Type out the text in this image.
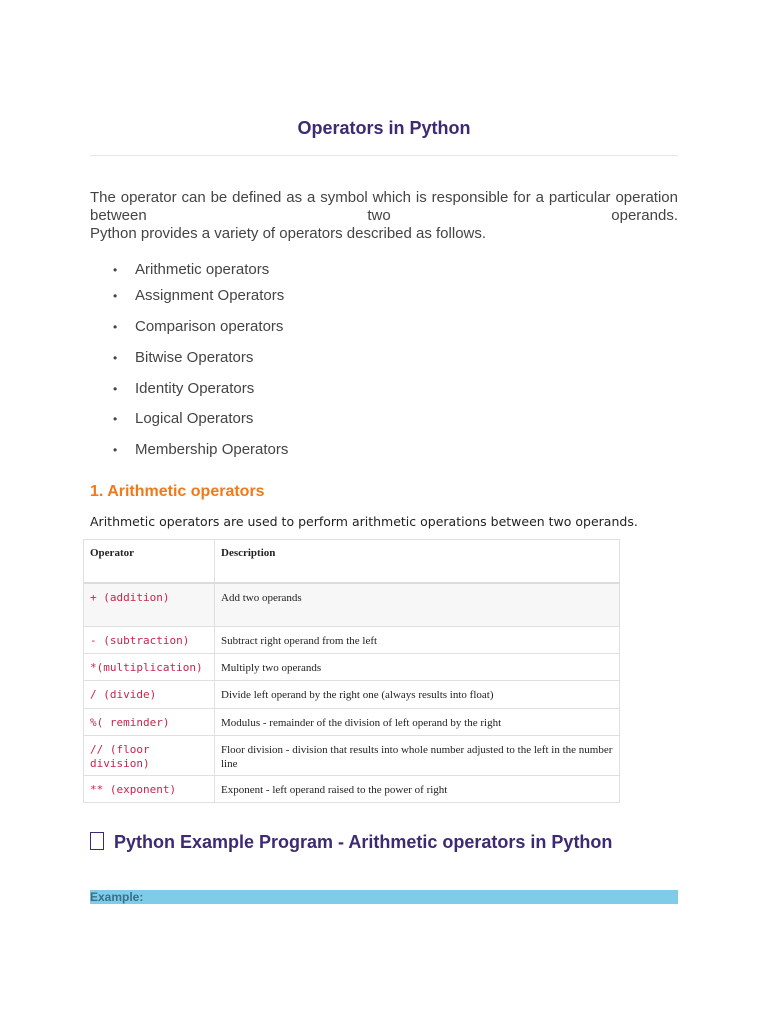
Operators in Python
The operator can be defined as a symbol which is responsible for a particular operation between two operands.
Python provides a variety of operators described as follows.
• Arithmetic operators
• Assignment Operators
• Comparison operators
• Bitwise Operators
• Identity Operators
• Logical Operators
• Membership Operators
1. Arithmetic operators
Arithmetic operators are used to perform arithmetic operations between two operands.
Operator	Description
+ (addition)	Add two operands
- (subtraction)	Subtract right operand from the left
*(multiplication)	Multiply two operands
/ (divide)	Divide left operand by the right one (always results into float)
%( reminder)	Modulus - remainder of the division of left operand by the right
// (floor division)	Floor division - division that results into whole number adjusted to the left in the number line
** (exponent)	Exponent - left operand raised to the power of right
Python Example Program - Arithmetic operators in Python
Example:
